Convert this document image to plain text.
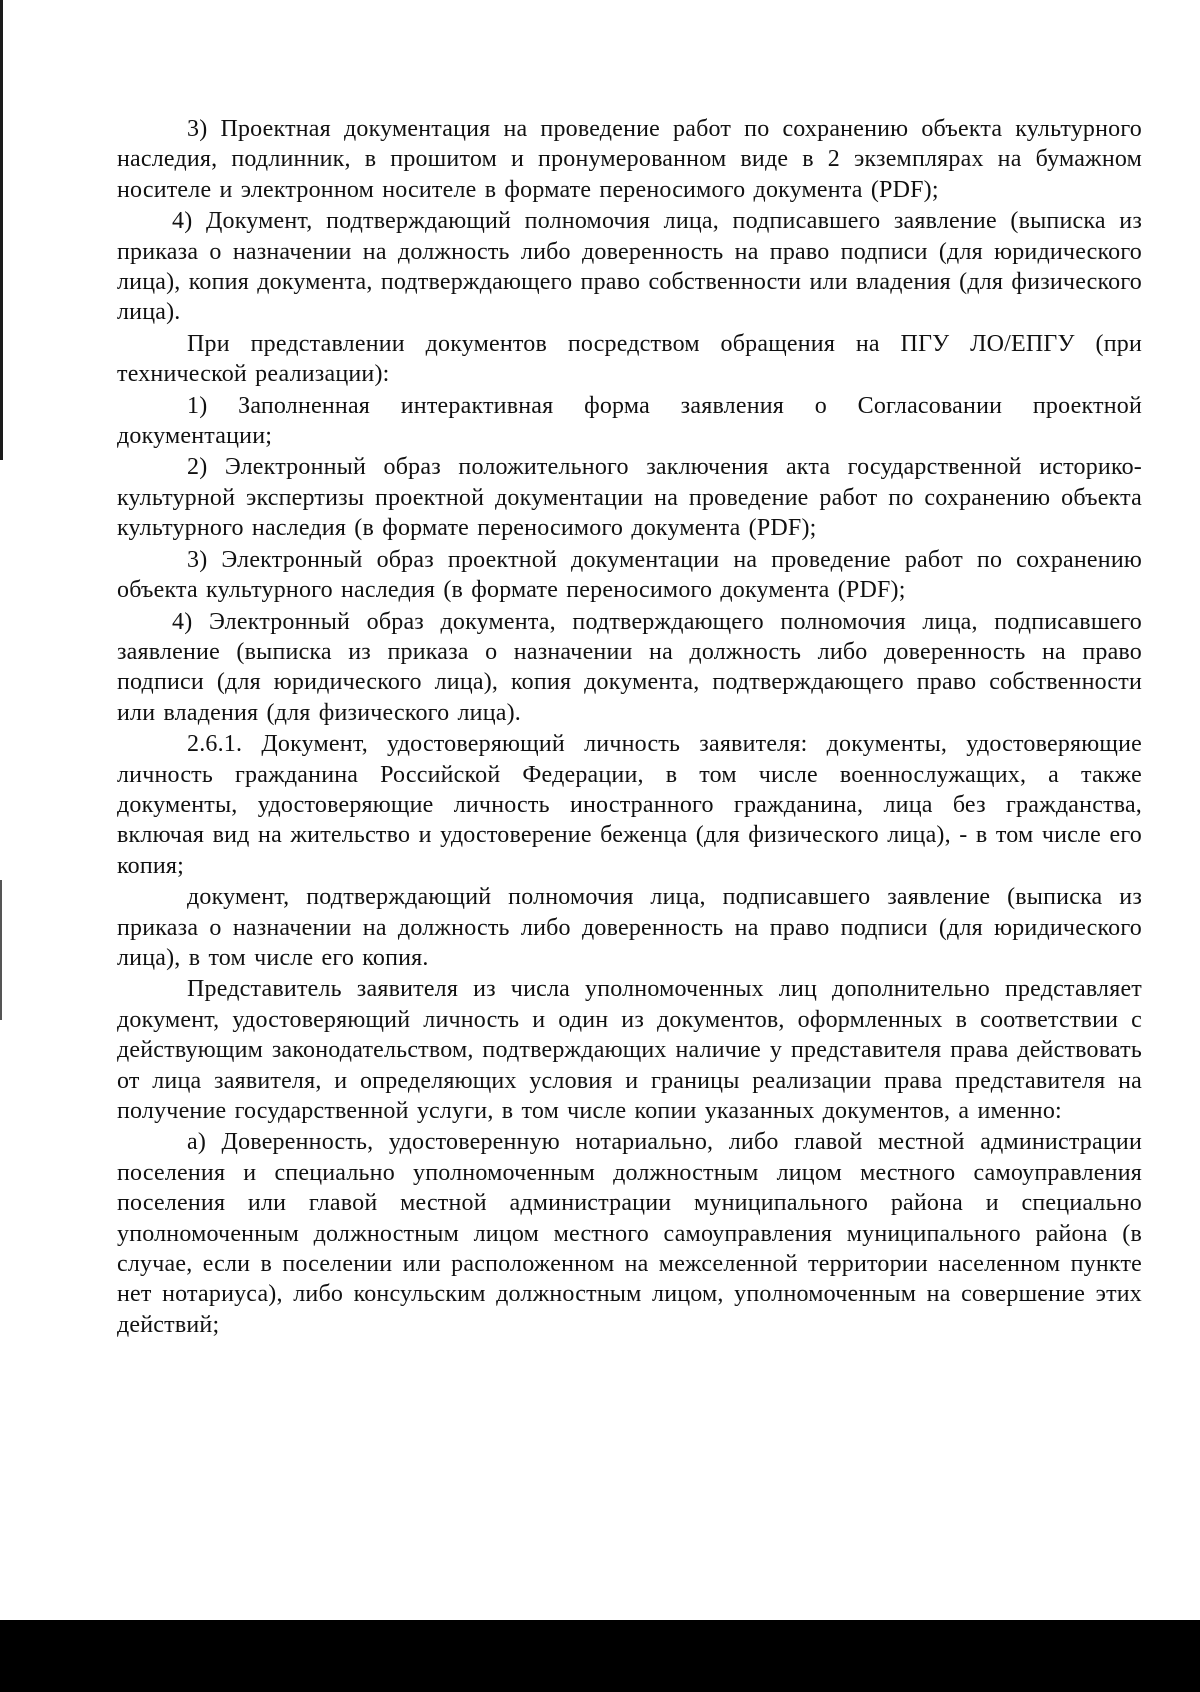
3) Проектная документация на проведение работ по сохранению объекта культурного наследия, подлинник, в прошитом и пронумерованном виде в 2 экземплярах на бумажном носителе и электронном носителе в формате переносимого документа (PDF);

4) Документ, подтверждающий полномочия лица, подписавшего заявление (выписка из приказа о назначении на должность либо доверенность на право подписи (для юридического лица), копия документа, подтверждающего право собственности или владения (для физического лица).

При представлении документов посредством обращения на ПГУ ЛО/ЕПГУ (при технической реализации):

1) Заполненная интерактивная форма заявления о Согласовании проектной документации;

2) Электронный образ положительного заключения акта государственной историко-культурной экспертизы проектной документации на проведение работ по сохранению объекта культурного наследия (в формате переносимого документа (PDF);

3) Электронный образ проектной документации на проведение работ по сохранению объекта культурного наследия (в формате переносимого документа (PDF);

4) Электронный образ документа, подтверждающего полномочия лица, подписавшего заявление (выписка из приказа о назначении на должность либо доверенность на право подписи (для юридического лица), копия документа, подтверждающего право собственности или владения (для физического лица).

2.6.1. Документ, удостоверяющий личность заявителя: документы, удостоверяющие личность гражданина Российской Федерации, в том числе военнослужащих, а также документы, удостоверяющие личность иностранного гражданина, лица без гражданства, включая вид на жительство и удостоверение беженца (для физического лица), - в том числе его копия;

документ, подтверждающий полномочия лица, подписавшего заявление (выписка из приказа о назначении на должность либо доверенность на право подписи (для юридического лица), в том числе его копия.

Представитель заявителя из числа уполномоченных лиц дополнительно представляет документ, удостоверяющий личность и один из документов, оформленных в соответствии с действующим законодательством, подтверждающих наличие у представителя права действовать от лица заявителя, и определяющих условия и границы реализации права представителя на получение государственной услуги, в том числе копии указанных документов, а именно:

а) Доверенность, удостоверенную нотариально, либо главой местной администрации поселения и специально уполномоченным должностным лицом местного самоуправления поселения или главой местной администрации муниципального района и специально уполномоченным должностным лицом местного самоуправления муниципального района (в случае, если в поселении или расположенном на межселенной территории населенном пункте нет нотариуса), либо консульским должностным лицом, уполномоченным на совершение этих действий;
